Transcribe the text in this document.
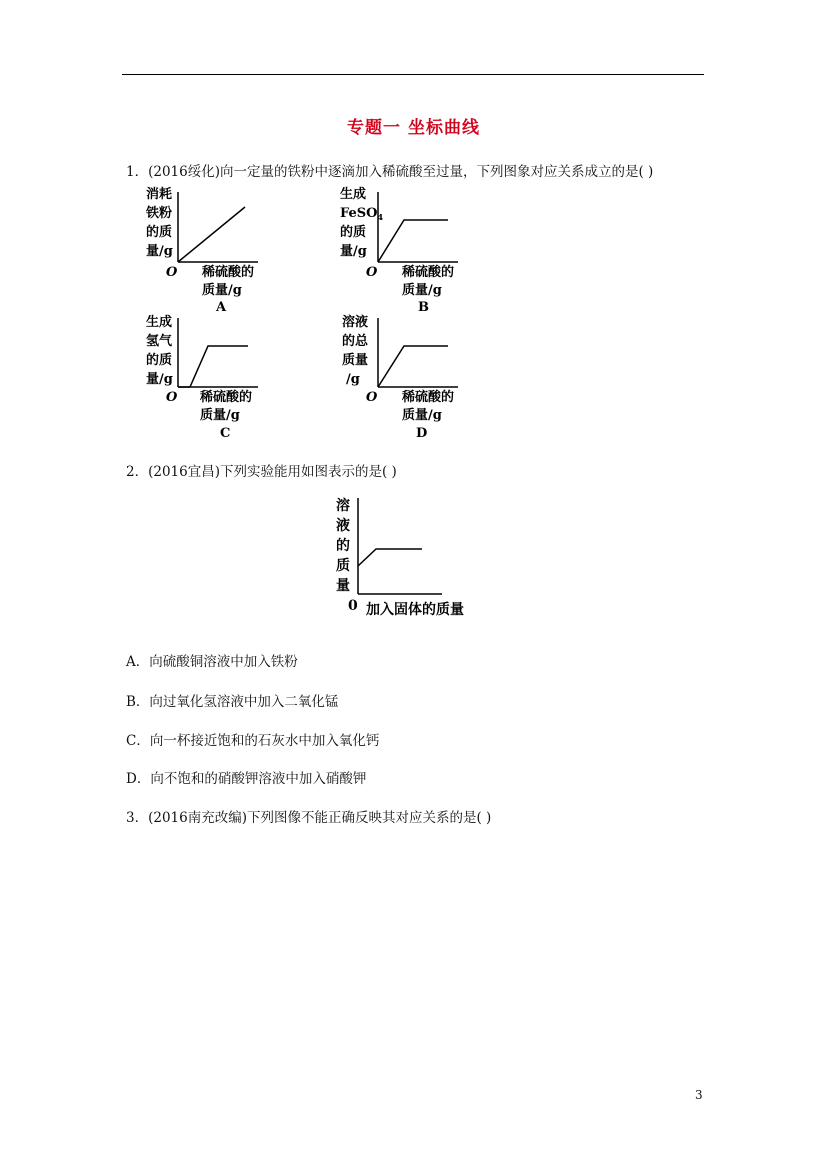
专题一 坐标曲线
1．(2016绥化)向一定量的铁粉中逐滴加入稀硫酸至过量，下列图象对应关系成立的是( )
消耗
铁粉
的质
量/g
O 稀硫酸的
质量/g
A
生成
FeSO$_4$
的质
量/g
O 稀硫酸的
质量/g
B
生成
氢气
的质
量/g
O 稀硫酸的
质量/g
C
溶液
的总
质量
/g
O 稀硫酸的
质量/g
D
2．(2016宜昌)下列实验能用如图表示的是( )
溶
液
的
质
量
0 加入固体的质量
A．向硫酸铜溶液中加入铁粉
B．向过氧化氢溶液中加入二氧化锰
C．向一杯接近饱和的石灰水中加入氧化钙
D．向不饱和的硝酸钾溶液中加入硝酸钾
3．(2016南充改编)下列图像不能正确反映其对应关系的是( )
3
